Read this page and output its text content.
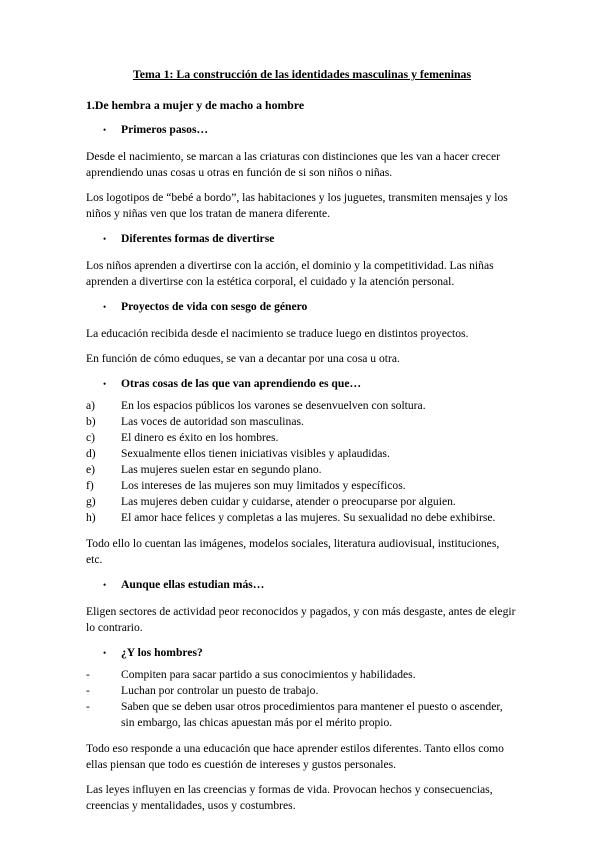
Tema 1: La construcción de las identidades masculinas y femeninas
1.De hembra a mujer y de macho a hombre
• Primeros pasos…

Desde el nacimiento, se marcan a las criaturas con distinciones que les van a hacer crecer aprendiendo unas cosas u otras en función de si son niños o niñas.

Los logotipos de “bebé a bordo”, las habitaciones y los juguetes, transmiten mensajes y los niños y niñas ven que los tratan de manera diferente.

• Diferentes formas de divertirse

Los niños aprenden a divertirse con la acción, el dominio y la competitividad. Las niñas aprenden a divertirse con la estética corporal, el cuidado y la atención personal.

• Proyectos de vida con sesgo de género

La educación recibida desde el nacimiento se traduce luego en distintos proyectos.

En función de cómo eduques, se van a decantar por una cosa u otra.

• Otras cosas de las que van aprendiendo es que…
a) En los espacios públicos los varones se desenvuelven con soltura.
b) Las voces de autoridad son masculinas.
c) El dinero es éxito en los hombres.
d) Sexualmente ellos tienen iniciativas visibles y aplaudidas.
e) Las mujeres suelen estar en segundo plano.
f) Los intereses de las mujeres son muy limitados y específicos.
g) Las mujeres deben cuidar y cuidarse, atender o preocuparse por alguien.
h) El amor hace felices y completas a las mujeres. Su sexualidad no debe exhibirse.

Todo ello lo cuentan las imágenes, modelos sociales, literatura audiovisual, instituciones, etc.

• Aunque ellas estudian más…

Eligen sectores de actividad peor reconocidos y pagados, y con más desgaste, antes de elegir lo contrario.

• ¿Y los hombres?
-	Compiten para sacar partido a sus conocimientos y habilidades.
-	Luchan por controlar un puesto de trabajo.
-	Saben que se deben usar otros procedimientos para mantener el puesto o ascender, sin embargo, las chicas apuestan más por el mérito propio.

Todo eso responde a una educación que hace aprender estilos diferentes. Tanto ellos como ellas piensan que todo es cuestión de intereses y gustos personales.

Las leyes influyen en las creencias y formas de vida. Provocan hechos y consecuencias, creencias y mentalidades, usos y costumbres.
